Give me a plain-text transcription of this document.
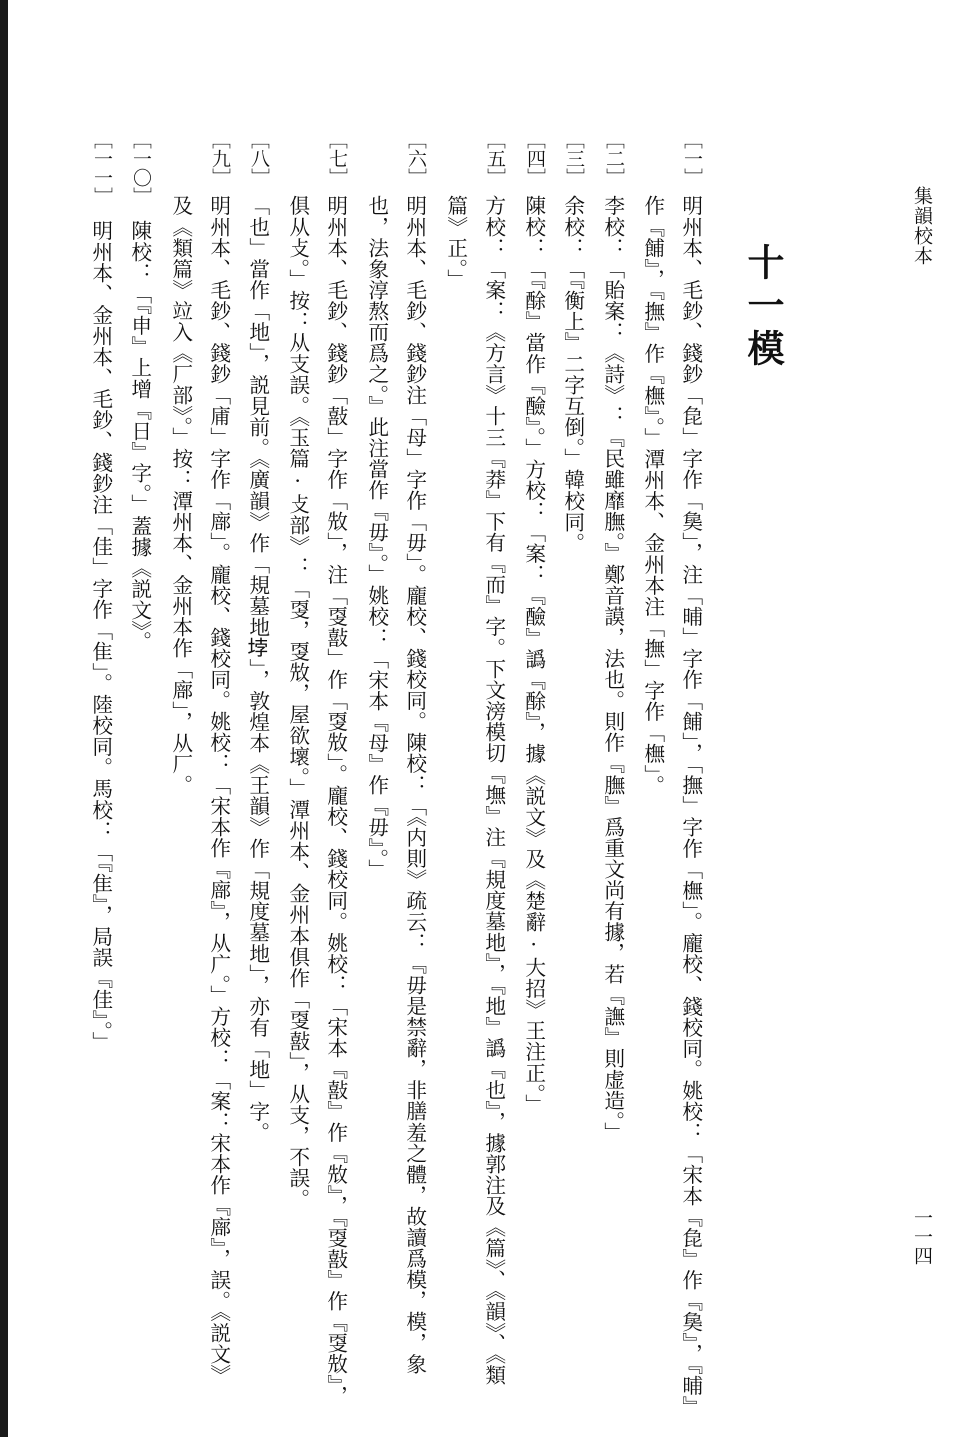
集韻校本
一一四
十一模
［一］
明州本、毛鈔、錢鈔「㲋」字作「㚟」，注「晡」字作「餔」，「撫」字作「橅」。龐校、錢校同。姚校：「宋本『㲋』作『㚟』，『晡』
作『餔』，『撫』作『橅』。」潭州本、金州本注「撫」字作「橅」。
［二］
李校：「貽案：《詩》：『民雖靡膴。』鄭音謨，法也。則作『膴』爲重文尚有據，若『譕』則虚造。」
［三］
余校：「『衡上』二字互倒。」韓校同。
［四］
陳校：「『酴』當作『醶』。」方校：「案：『醶』譌『酴』，據《説文》及《楚辭·大招》王注正。」
［五］
方校：「案：《方言》十三『莽』下有『而』字。下文滂模切『墲』注『規度墓地』，『地』譌『也』，據郭注及《篇》、《韻》、《類
篇》正。」
［六］
明州本、毛鈔、錢鈔注「母」字作「毋」。龐校、錢校同。陳校：「《内則》疏云：『毋是禁辭，非膳羞之體，故讀爲模，模，象
也，法象淳熬而爲之。』此注當作『毋』。」姚校：「宋本『母』作『毋』。」
［七］
明州本、毛鈔、錢鈔「敼」字作「㪇」，注「㪅敼」作「㪅㪇」。龐校、錢校同。姚校：「宋本『敼』作『㪇』，『㪅敼』作『㪅㪇』，
俱从攴。」按：从支誤。《玉篇·攴部》：「㪅，㪅㪇，屋欲壞。」潭州本、金州本俱作「㪅敼」，从支，不誤。
［八］
「也」當作「地」，説見前。《廣韻》作「規墓地𡋯」，敦煌本《王韻》作「規度墓地」，亦有「地」字。
［九］
明州本、毛鈔、錢鈔「庯」字作「廍」。龐校、錢校同。姚校：「宋本作『廍』，从广。」方校：「案：宋本作『廍』，誤。《説文》
及《類篇》竝入《厂部》。」按：潭州本、金州本作「廍」，从厂。
［一〇］
陳校：「『申』上增『日』字。」蓋據《説文》。
［一一］
明州本、金州本、毛鈔、錢鈔注「佳」字作「隹」。陸校同。馬校：「『隹』，局誤『佳』。」
